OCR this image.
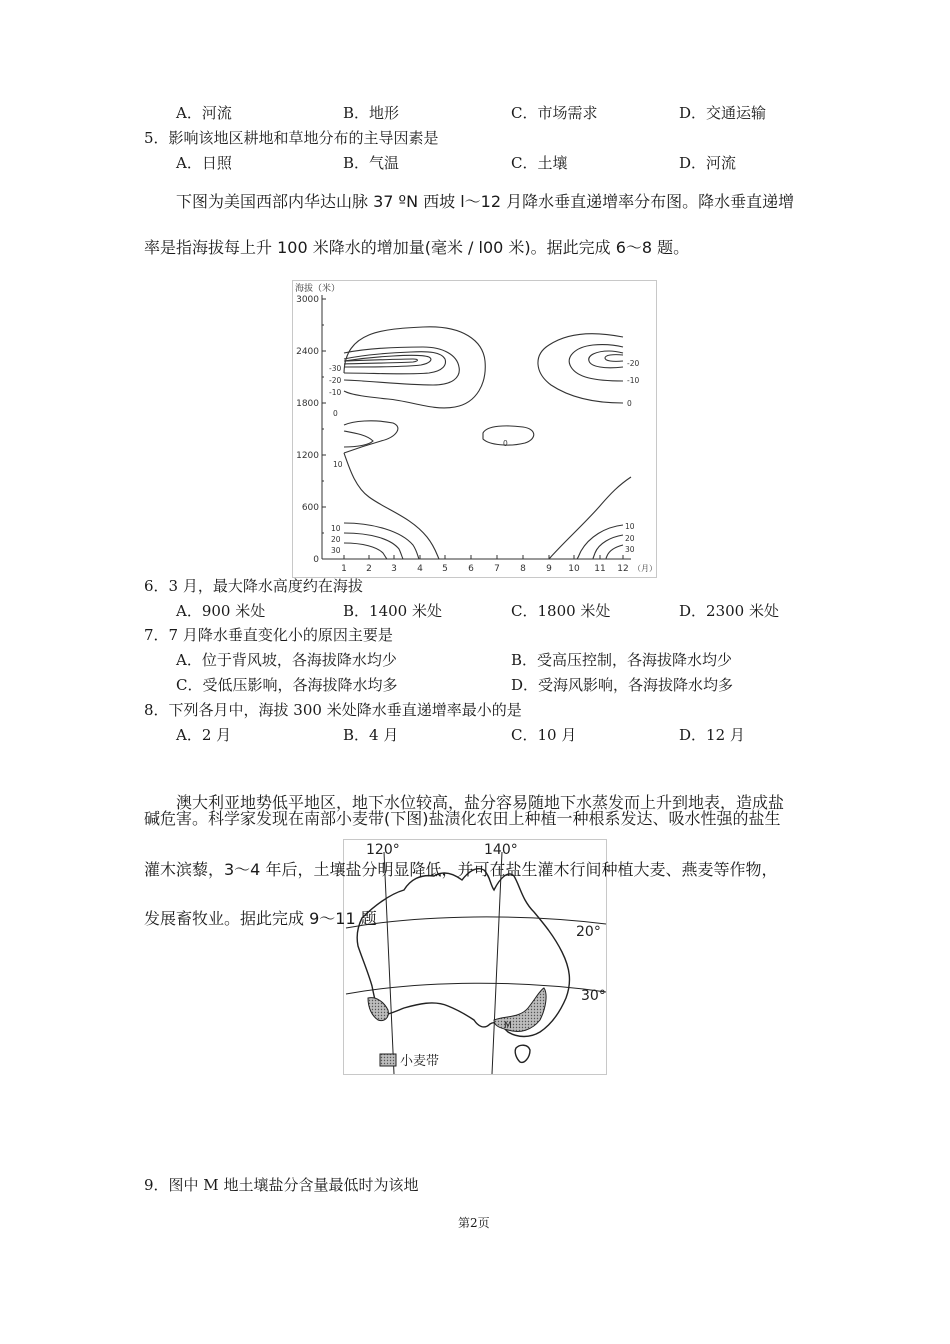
A．河流	B．地形	C．市场需求	D．交通运输
5．影响该地区耕地和草地分布的主导因素是
A．日照	B．气温	C．土壤	D．河流
下图为美国西部内华达山脉 37 ºN 西坡 l～12 月降水垂直递增率分布图。降水垂直递增
率是指海拔每上升 100 米降水的增加量(毫米 / l00 米)。据此完成 6～8 题。
海拔（米）
3000
2400
1800
1200
600
0
1 2 3 4 5 6 7 8 9 10 11 12 （月）
-30
-20
-10
0
-20
-10
0
10
0
10
20
30
10
20
30
6．3 月，最大降水高度约在海拔
A．900 米处	B．1400 米处	C．1800 米处	D．2300 米处
7．7 月降水垂直变化小的原因主要是
A．位于背风坡，各海拔降水均少	B．受高压控制，各海拔降水均少
C．受低压影响，各海拔降水均多	D．受海风影响，各海拔降水均多
8．下列各月中，海拔 300 米处降水垂直递增率最小的是
A．2 月	B．4 月	C．10 月	D．12 月
M
120°	140°
20°
30°
小麦带
澳大利亚地势低平地区，地下水位较高，盐分容易随地下水蒸发而上升到地表，造成盐
碱危害。科学家发现在南部小麦带(下图)盐渍化农田上种植一种根系发达、吸水性强的盐生
灌木滨藜，3～4 年后，土壤盐分明显降低，并可在盐生灌木行间种植大麦、燕麦等作物，
发展畜牧业。据此完成 9～11 题
9．图中 M 地土壤盐分含量最低时为该地
第2页
